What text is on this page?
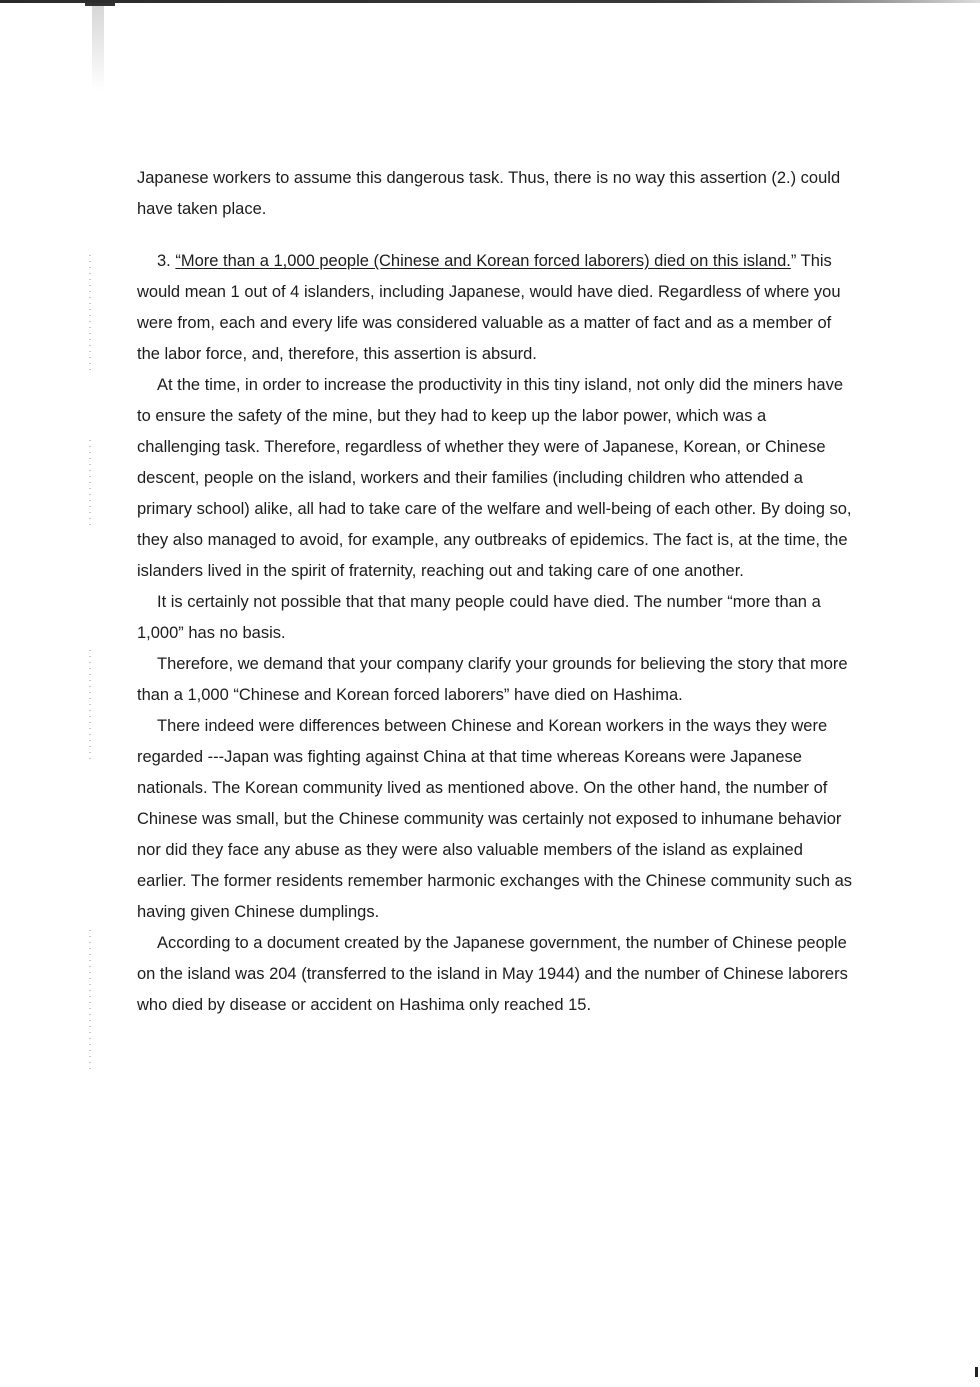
Japanese workers to assume this dangerous task. Thus, there is no way this assertion (2.) could have taken place.

3. “More than a 1,000 people (Chinese and Korean forced laborers) died on this island.” This would mean 1 out of 4 islanders, including Japanese, would have died. Regardless of where you were from, each and every life was considered valuable as a matter of fact and as a member of the labor force, and, therefore, this assertion is absurd.

At the time, in order to increase the productivity in this tiny island, not only did the miners have to ensure the safety of the mine, but they had to keep up the labor power, which was a challenging task. Therefore, regardless of whether they were of Japanese, Korean, or Chinese descent, people on the island, workers and their families (including children who attended a primary school) alike, all had to take care of the welfare and well-being of each other. By doing so, they also managed to avoid, for example, any outbreaks of epidemics. The fact is, at the time, the islanders lived in the spirit of fraternity, reaching out and taking care of one another.

It is certainly not possible that that many people could have died. The number “more than a 1,000” has no basis.

Therefore, we demand that your company clarify your grounds for believing the story that more than a 1,000 “Chinese and Korean forced laborers” have died on Hashima.

There indeed were differences between Chinese and Korean workers in the ways they were regarded ---Japan was fighting against China at that time whereas Koreans were Japanese nationals. The Korean community lived as mentioned above. On the other hand, the number of Chinese was small, but the Chinese community was certainly not exposed to inhumane behavior nor did they face any abuse as they were also valuable members of the island as explained earlier. The former residents remember harmonic exchanges with the Chinese community such as having given Chinese dumplings.

According to a document created by the Japanese government, the number of Chinese people on the island was 204 (transferred to the island in May 1944) and the number of Chinese laborers who died by disease or accident on Hashima only reached 15.
